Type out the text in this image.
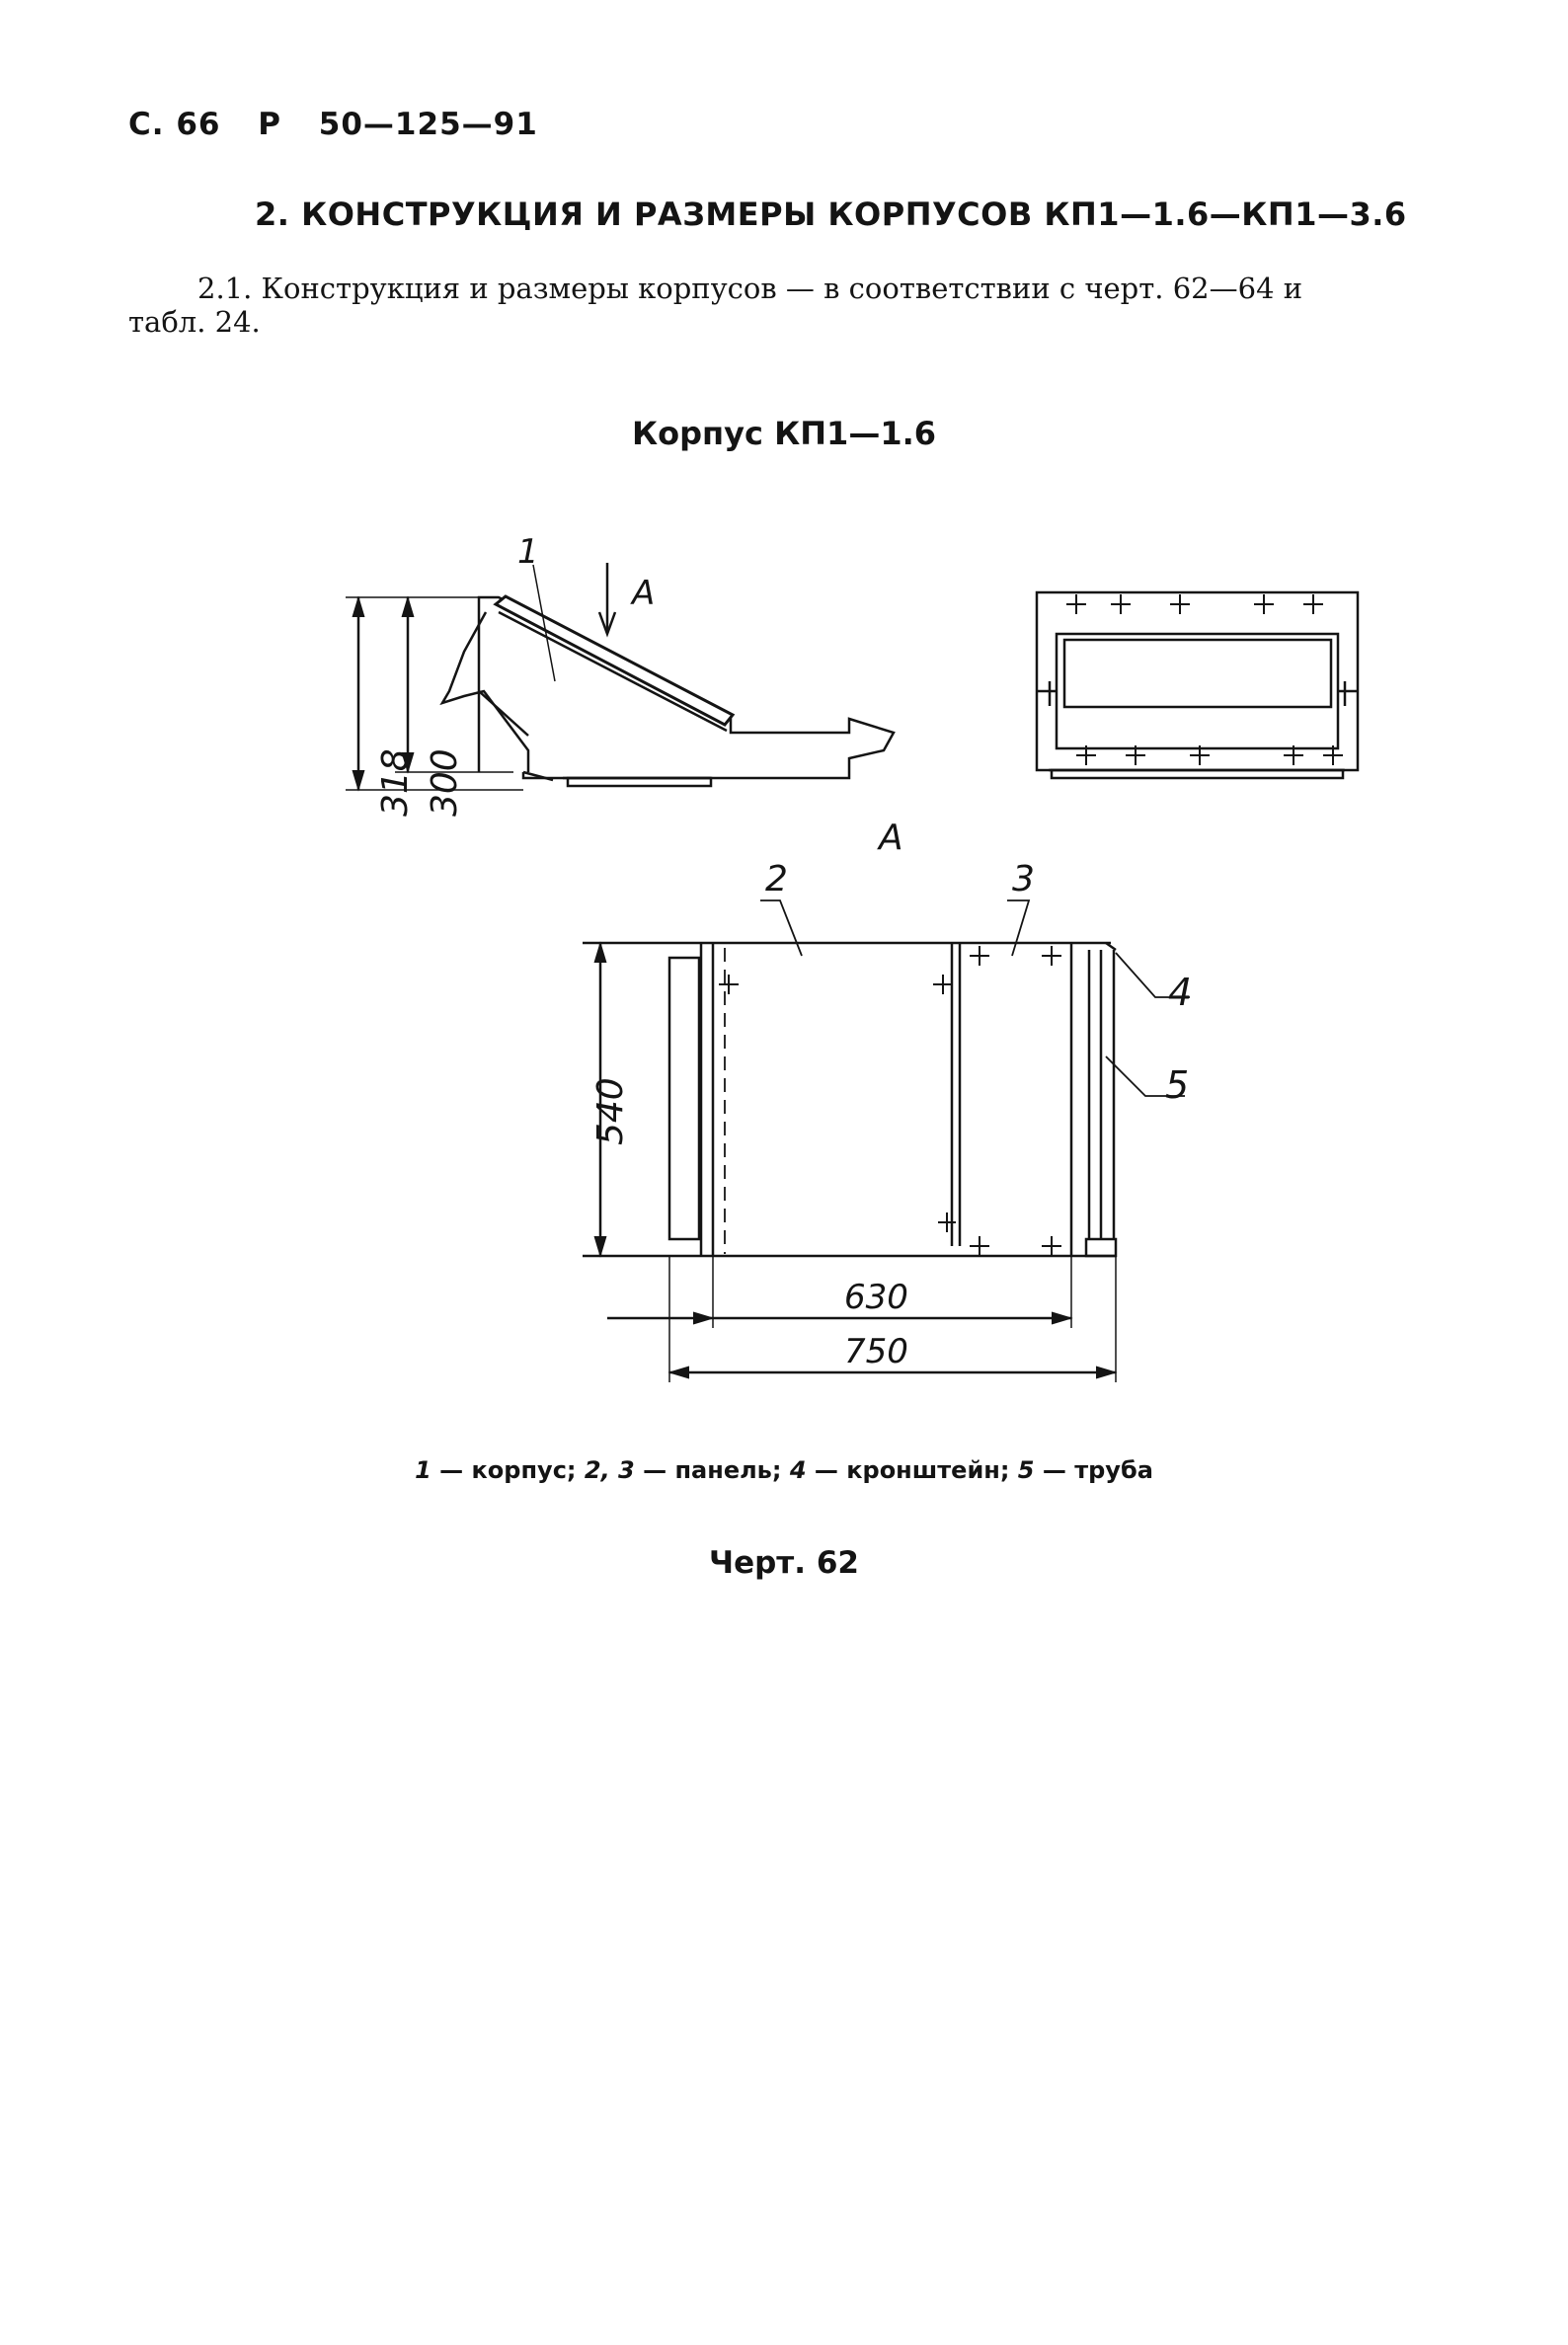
С. 66 Р 50—125—91
2. КОНСТРУКЦИЯ И РАЗМЕРЫ КОРПУСОВ КП1—1.6—КП1—3.6
2.1. Конструкция и размеры корпусов — в соответствии с черт. 62—64 и
табл. 24.
Корпус КП1—1.6
318 300
1
А
А
540
630
750
2	3
4
5
1 — корпус; 2, 3 — панель; 4 — кронштейн; 5 — труба
Черт. 62
